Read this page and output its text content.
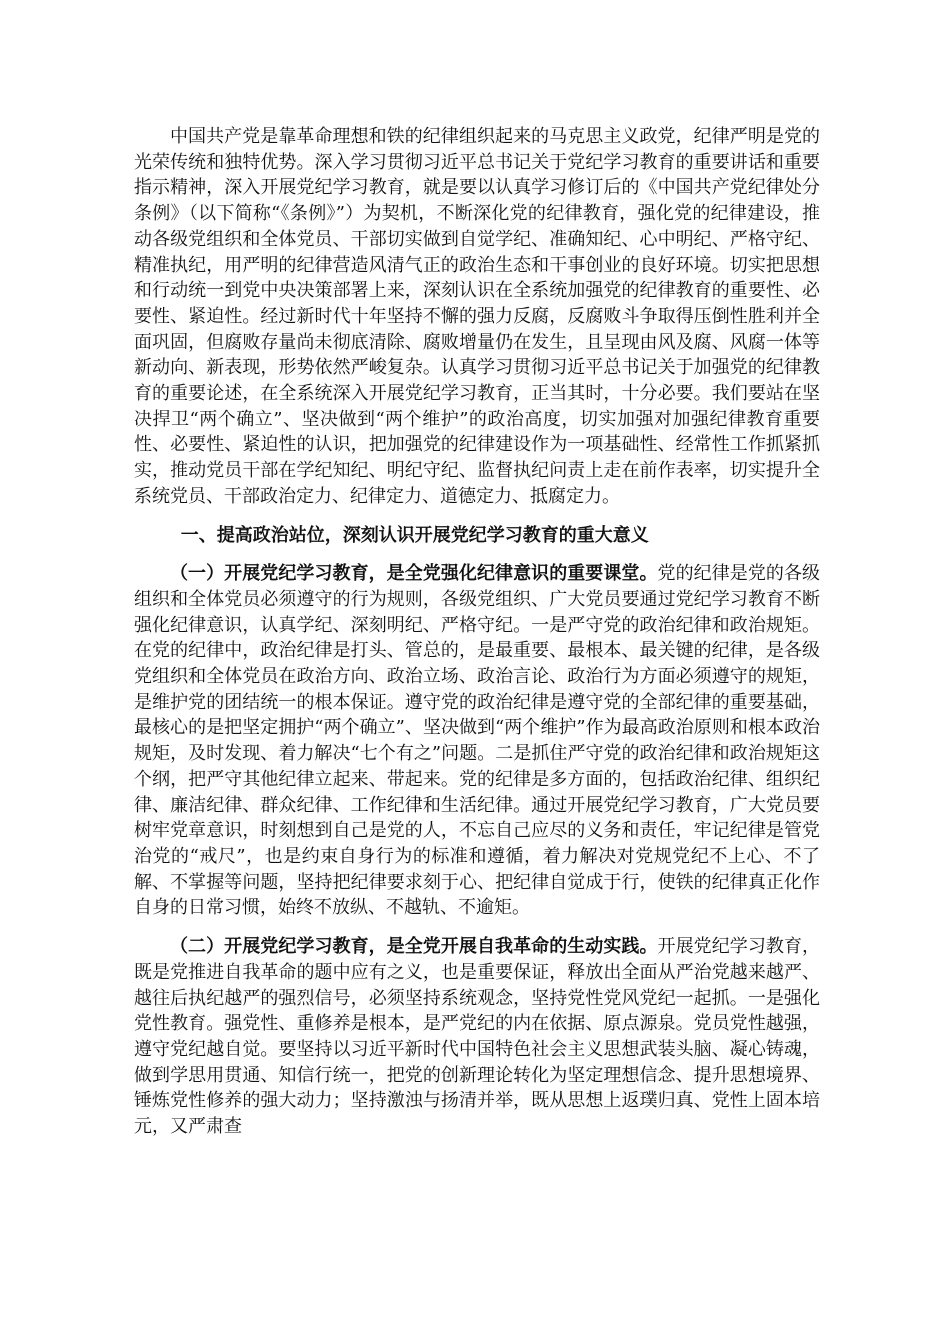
中国共产党是靠革命理想和铁的纪律组织起来的马克思主义政党，纪律严明是党的光荣传统和独特优势。深入学习贯彻习近平总书记关于党纪学习教育的重要讲话和重要指示精神，深入开展党纪学习教育，就是要以认真学习修订后的《中国共产党纪律处分条例》（以下简称“《条例》”）为契机，不断深化党的纪律教育，强化党的纪律建设，推动各级党组织和全体党员、干部切实做到自觉学纪、准确知纪、心中明纪、严格守纪、精准执纪，用严明的纪律营造风清气正的政治生态和干事创业的良好环境。切实把思想和行动统一到党中央决策部署上来，深刻认识在全系统加强党的纪律教育的重要性、必要性、紧迫性。经过新时代十年坚持不懈的强力反腐，反腐败斗争取得压倒性胜利并全面巩固，但腐败存量尚未彻底清除、腐败增量仍在发生，且呈现由风及腐、风腐一体等新动向、新表现，形势依然严峻复杂。认真学习贯彻习近平总书记关于加强党的纪律教育的重要论述，在全系统深入开展党纪学习教育，正当其时，十分必要。我们要站在坚决捍卫“两个确立”、坚决做到“两个维护”的政治高度，切实加强对加强纪律教育重要性、必要性、紧迫性的认识，把加强党的纪律建设作为一项基础性、经常性工作抓紧抓实，推动党员干部在学纪知纪、明纪守纪、监督执纪问责上走在前作表率，切实提升全系统党员、干部政治定力、纪律定力、道德定力、抵腐定力。

一、提高政治站位，深刻认识开展党纪学习教育的重大意义

（一）开展党纪学习教育，是全党强化纪律意识的重要课堂。党的纪律是党的各级组织和全体党员必须遵守的行为规则，各级党组织、广大党员要通过党纪学习教育不断强化纪律意识，认真学纪、深刻明纪、严格守纪。一是严守党的政治纪律和政治规矩。在党的纪律中，政治纪律是打头、管总的，是最重要、最根本、最关键的纪律，是各级党组织和全体党员在政治方向、政治立场、政治言论、政治行为方面必须遵守的规矩，是维护党的团结统一的根本保证。遵守党的政治纪律是遵守党的全部纪律的重要基础，最核心的是把坚定拥护“两个确立”、坚决做到“两个维护”作为最高政治原则和根本政治规矩，及时发现、着力解决“七个有之”问题。二是抓住严守党的政治纪律和政治规矩这个纲，把严守其他纪律立起来、带起来。党的纪律是多方面的，包括政治纪律、组织纪律、廉洁纪律、群众纪律、工作纪律和生活纪律。通过开展党纪学习教育，广大党员要树牢党章意识，时刻想到自己是党的人，不忘自己应尽的义务和责任，牢记纪律是管党治党的“戒尺”，也是约束自身行为的标准和遵循，着力解决对党规党纪不上心、不了解、不掌握等问题，坚持把纪律要求刻于心、把纪律自觉成于行，使铁的纪律真正化作自身的日常习惯，始终不放纵、不越轨、不逾矩。

（二）开展党纪学习教育，是全党开展自我革命的生动实践。开展党纪学习教育，既是党推进自我革命的题中应有之义，也是重要保证，释放出全面从严治党越来越严、越往后执纪越严的强烈信号，必须坚持系统观念，坚持党性党风党纪一起抓。一是强化党性教育。强党性、重修养是根本，是严党纪的内在依据、原点源泉。党员党性越强，遵守党纪越自觉。要坚持以习近平新时代中国特色社会主义思想武装头脑、凝心铸魂，做到学思用贯通、知信行统一，把党的创新理论转化为坚定理想信念、提升思想境界、锤炼党性修养的强大动力；坚持激浊与扬清并举，既从思想上返璞归真、党性上固本培元，又严肃查
